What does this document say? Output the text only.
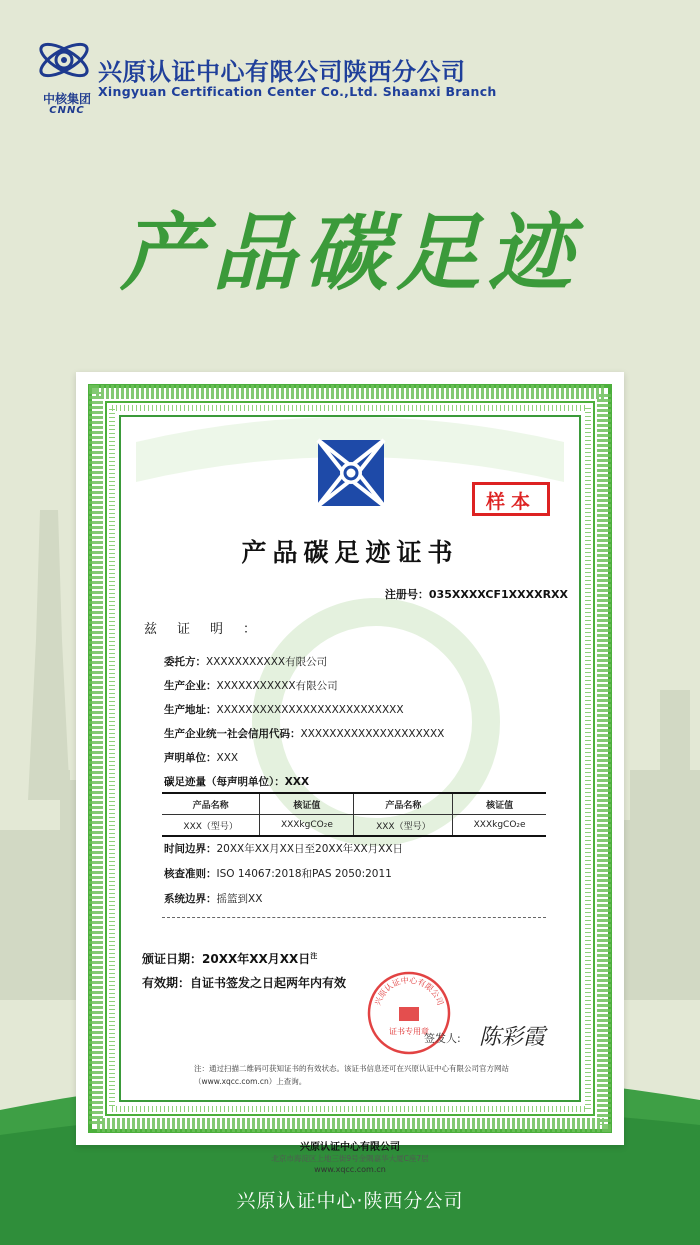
中核集团
CNNC
兴原认证中心有限公司陕西分公司
Xingyuan Certification Center Co.,Ltd. Shaanxi Branch
产品碳足迹
样本
产品碳足迹证书
注册号：035XXXXCF1XXXXRXX
兹证明：
委托方：XXXXXXXXXXX有限公司
生产企业：XXXXXXXXXXX有限公司
生产地址：XXXXXXXXXXXXXXXXXXXXXXXXXX
生产企业统一社会信用代码：XXXXXXXXXXXXXXXXXXXX
声明单位：XXX
碳足迹量（每声明单位）：XXX
产品名称	核证值	产品名称	核证值
XXX（型号）	XXXkgCO₂e	XXX（型号）	XXXkgCO₂e
时间边界：20XX年XX月XX日至20XX年XX月XX日
核查准则：ISO 14067:2018和PAS 2050:2011
系统边界：摇篮到XX
颁证日期：20XX年XX月XX日$^注$
有效期：自证书签发之日起两年内有效
兴原认证中心有限公司
证书专用章
签发人: 陈彩霞
注：通过扫描二维码可获知证书的有效状态。该证书信息还可在兴原认证中心有限公司官方网站（www.xqcc.com.cn）上查询。
兴原认证中心有限公司
北京市海淀区上地三街9号金隅嘉华大厦C座7层
www.xqcc.com.cn
兴原认证中心·陕西分公司
